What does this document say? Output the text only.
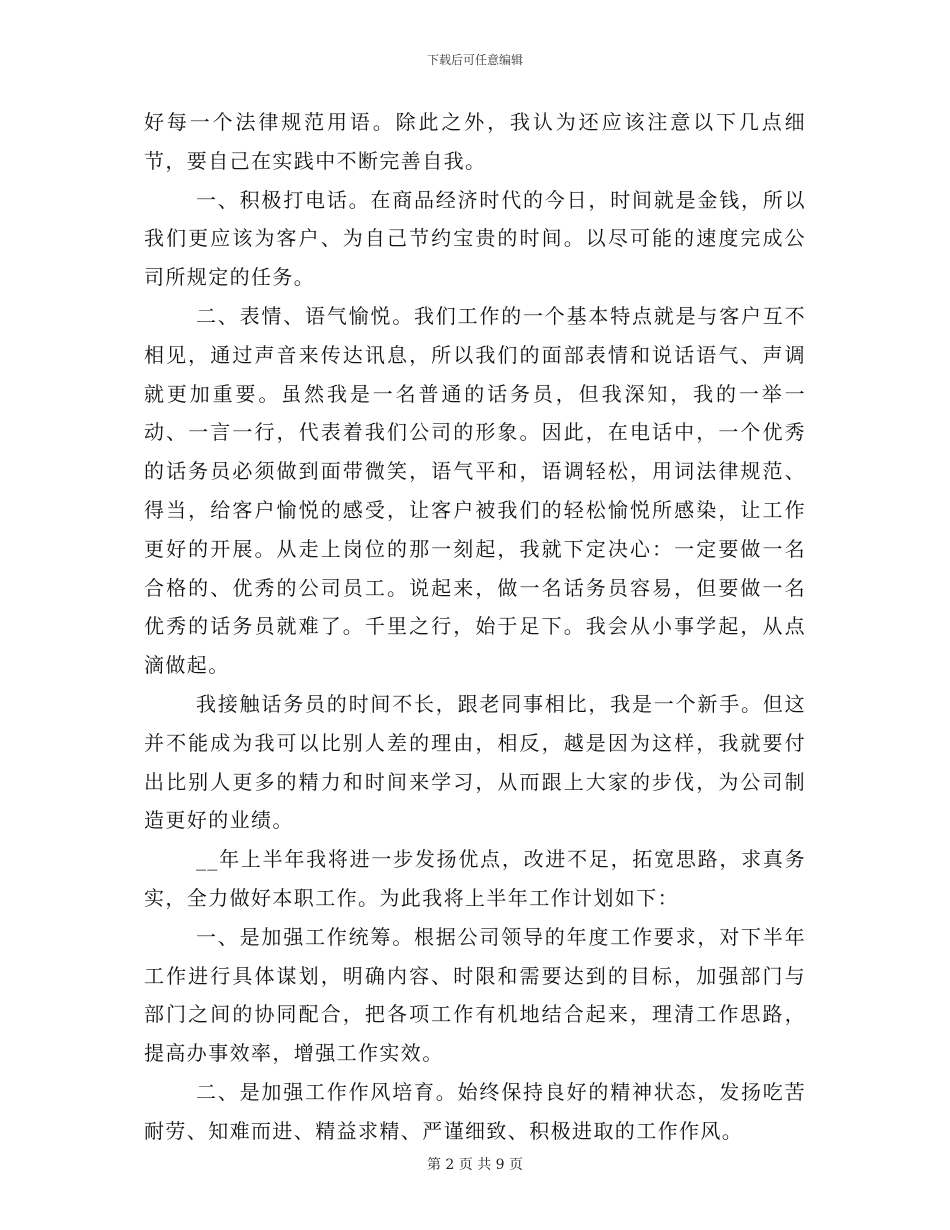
下载后可任意编辑

好每一个法律规范用语。除此之外，我认为还应该注意以下几点细节，要自己在实践中不断完善自我。

一、积极打电话。在商品经济时代的今日，时间就是金钱，所以我们更应该为客户、为自己节约宝贵的时间。以尽可能的速度完成公司所规定的任务。

二、表情、语气愉悦。我们工作的一个基本特点就是与客户互不相见，通过声音来传达讯息，所以我们的面部表情和说话语气、声调就更加重要。虽然我是一名普通的话务员，但我深知，我的一举一动、一言一行，代表着我们公司的形象。因此，在电话中，一个优秀的话务员必须做到面带微笑，语气平和，语调轻松，用词法律规范、得当，给客户愉悦的感受，让客户被我们的轻松愉悦所感染，让工作更好的开展。从走上岗位的那一刻起，我就下定决心：一定要做一名合格的、优秀的公司员工。说起来，做一名话务员容易，但要做一名优秀的话务员就难了。千里之行，始于足下。我会从小事学起，从点滴做起。

我接触话务员的时间不长，跟老同事相比，我是一个新手。但这并不能成为我可以比别人差的理由，相反，越是因为这样，我就要付出比别人更多的精力和时间来学习，从而跟上大家的步伐，为公司制造更好的业绩。

__年上半年我将进一步发扬优点，改进不足，拓宽思路，求真务实，全力做好本职工作。为此我将上半年工作计划如下：

一、是加强工作统筹。根据公司领导的年度工作要求，对下半年工作进行具体谋划，明确内容、时限和需要达到的目标，加强部门与部门之间的协同配合，把各项工作有机地结合起来，理清工作思路，提高办事效率，增强工作实效。

二、是加强工作作风培育。始终保持良好的精神状态，发扬吃苦耐劳、知难而进、精益求精、严谨细致、积极进取的工作作风。

第 2 页 共 9 页
